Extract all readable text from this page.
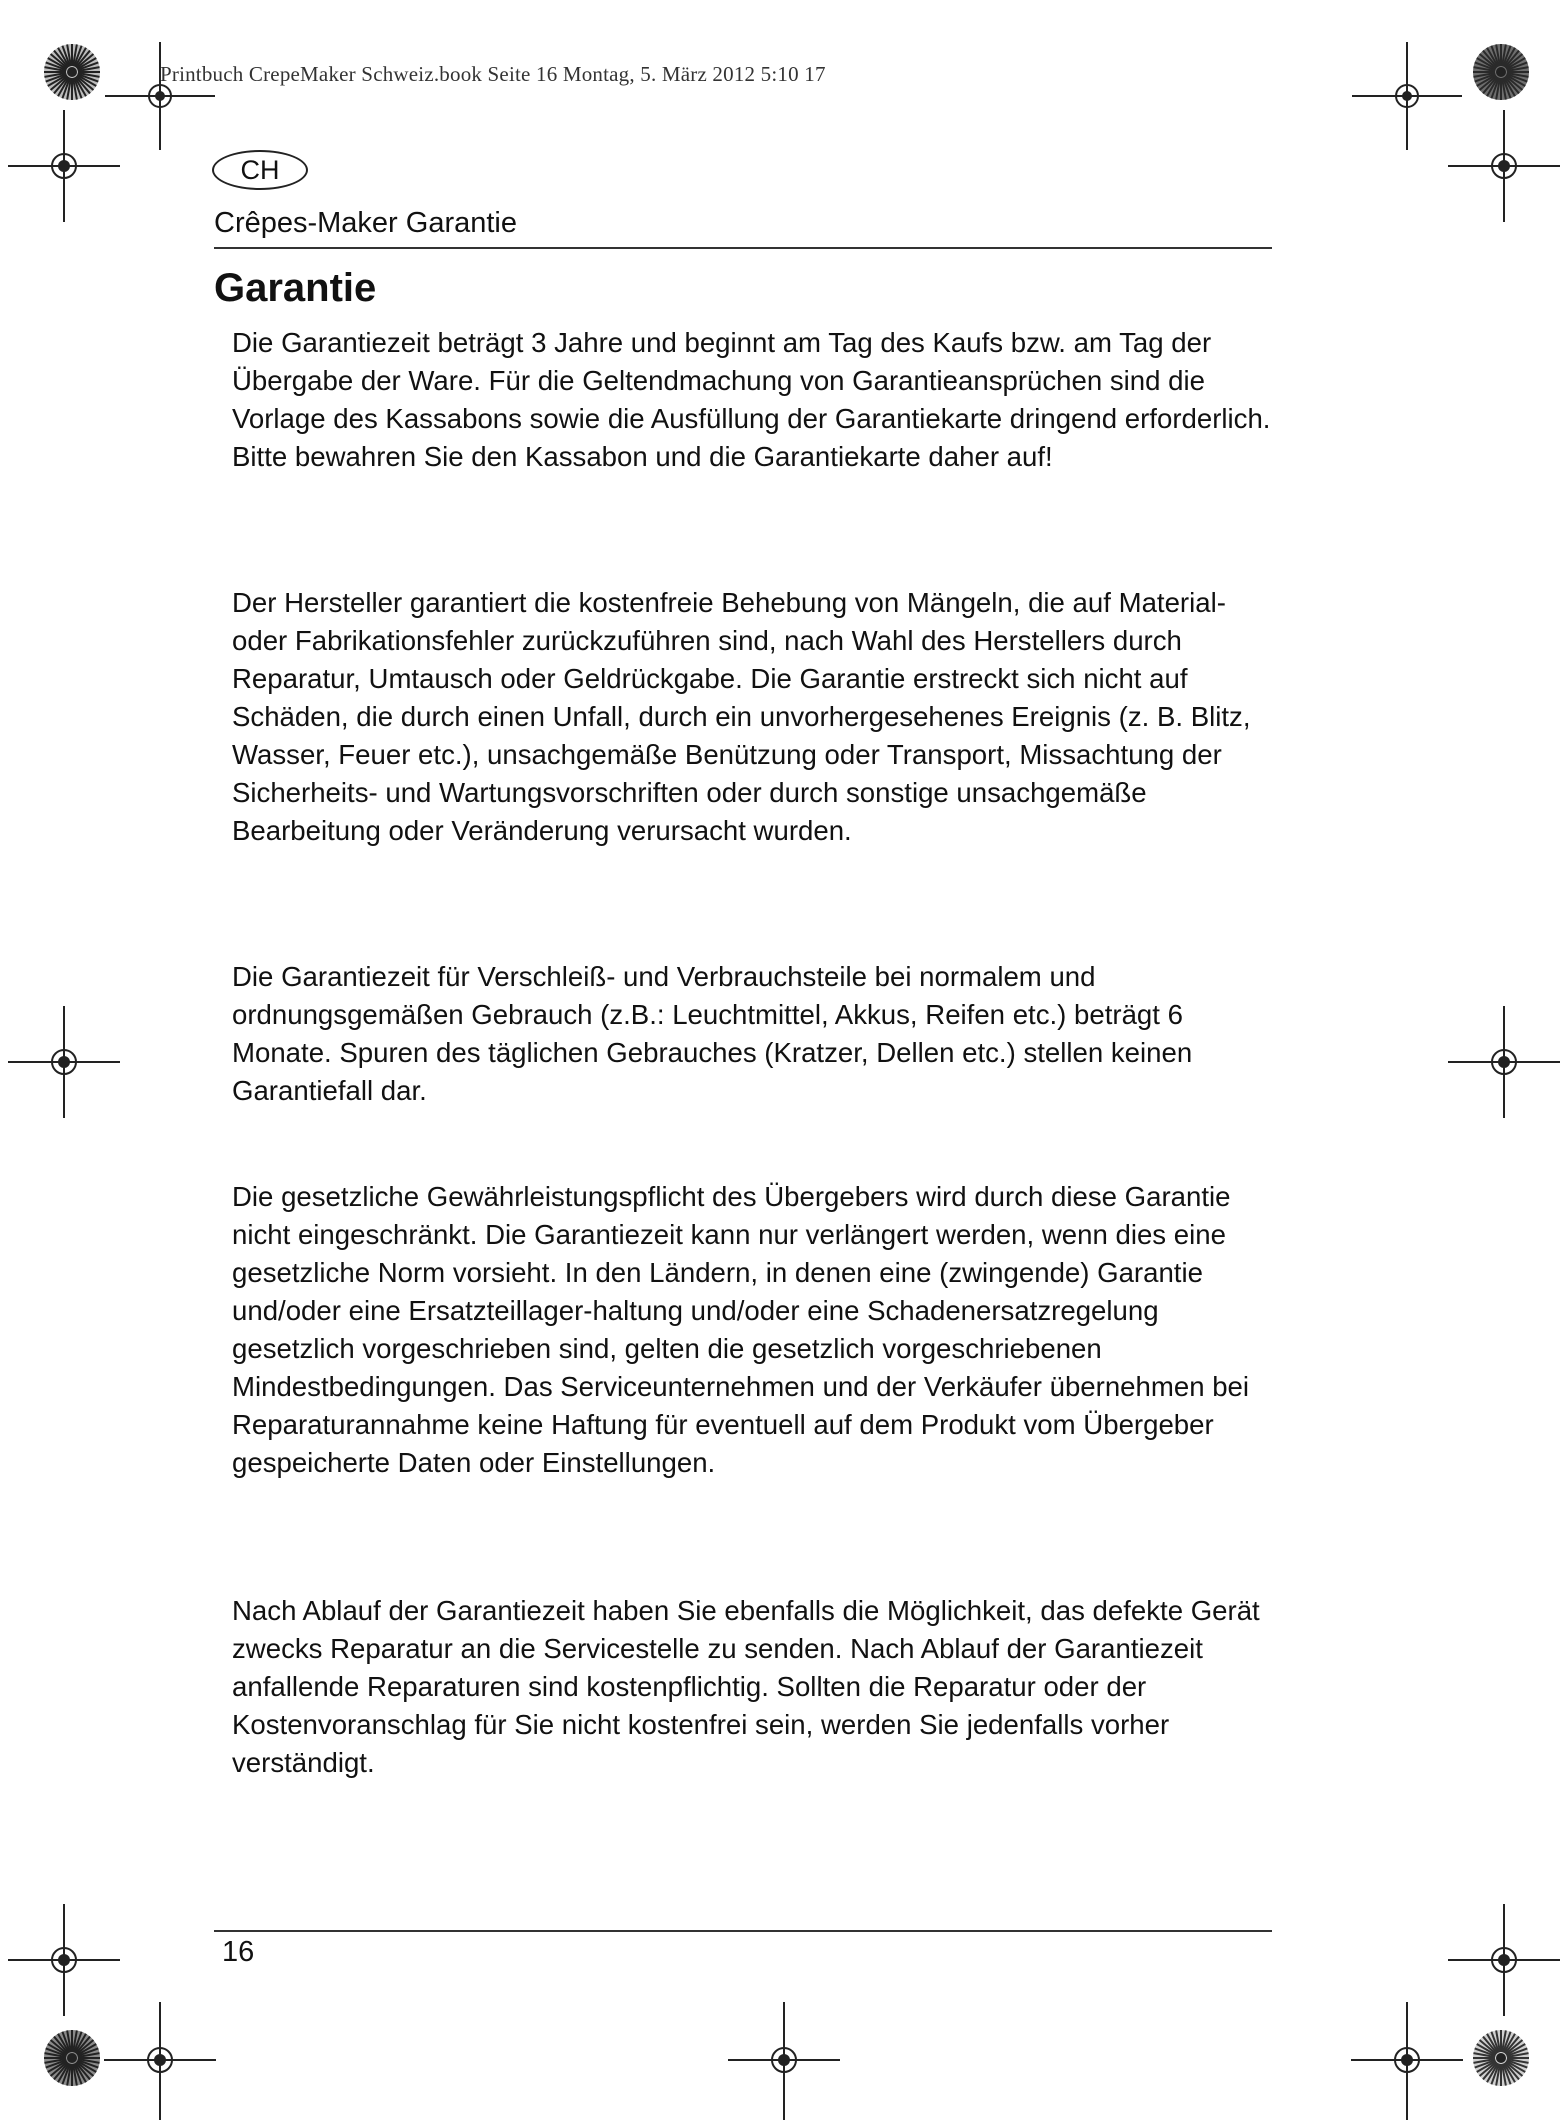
Printbuch CrepeMaker Schweiz.book Seite 16 Montag, 5. März 2012 5:10 17
CH
Crêpes-Maker Garantie
Garantie

Die Garantiezeit beträgt 3 Jahre und beginnt am Tag des Kaufs bzw. am Tag der Übergabe der Ware. Für die Geltendmachung von Garantieansprüchen sind die Vorlage des Kassabons sowie die Ausfüllung der Garantiekarte dringend erforderlich. Bitte bewahren Sie den Kassabon und die Garantiekarte daher auf!

Der Hersteller garantiert die kostenfreie Behebung von Mängeln, die auf Material- oder Fabrikationsfehler zurückzuführen sind, nach Wahl des Herstellers durch Reparatur, Umtausch oder Geldrückgabe. Die Garantie erstreckt sich nicht auf Schäden, die durch einen Unfall, durch ein unvorhergesehenes Ereignis (z. B. Blitz, Wasser, Feuer etc.), unsachgemäße Benützung oder Transport, Missachtung der Sicherheits- und Wartungsvorschriften oder durch sonstige unsachgemäße Bearbeitung oder Veränderung verursacht wurden.

Die Garantiezeit für Verschleiß- und Verbrauchsteile bei normalem und ordnungsgemäßen Gebrauch (z.B.: Leuchtmittel, Akkus, Reifen etc.) beträgt 6 Monate. Spuren des täglichen Gebrauches (Kratzer, Dellen etc.) stellen keinen Garantiefall dar.

Die gesetzliche Gewährleistungspflicht des Übergebers wird durch diese Garantie nicht eingeschränkt. Die Garantiezeit kann nur verlängert werden, wenn dies eine gesetzliche Norm vorsieht. In den Ländern, in denen eine (zwingende) Garantie und/oder eine Ersatzteillager-haltung und/oder eine Schadenersatzregelung gesetzlich vorgeschrieben sind, gelten die gesetzlich vorgeschriebenen Mindestbedingungen. Das Serviceunternehmen und der Verkäufer übernehmen bei Reparaturannahme keine Haftung für eventuell auf dem Produkt vom Übergeber gespeicherte Daten oder Einstellungen.

Nach Ablauf der Garantiezeit haben Sie ebenfalls die Möglichkeit, das defekte Gerät zwecks Reparatur an die Servicestelle zu senden. Nach Ablauf der Garantiezeit anfallende Reparaturen sind kostenpflichtig. Sollten die Reparatur oder der Kostenvoranschlag für Sie nicht kostenfrei sein, werden Sie jedenfalls vorher verständigt.

16
